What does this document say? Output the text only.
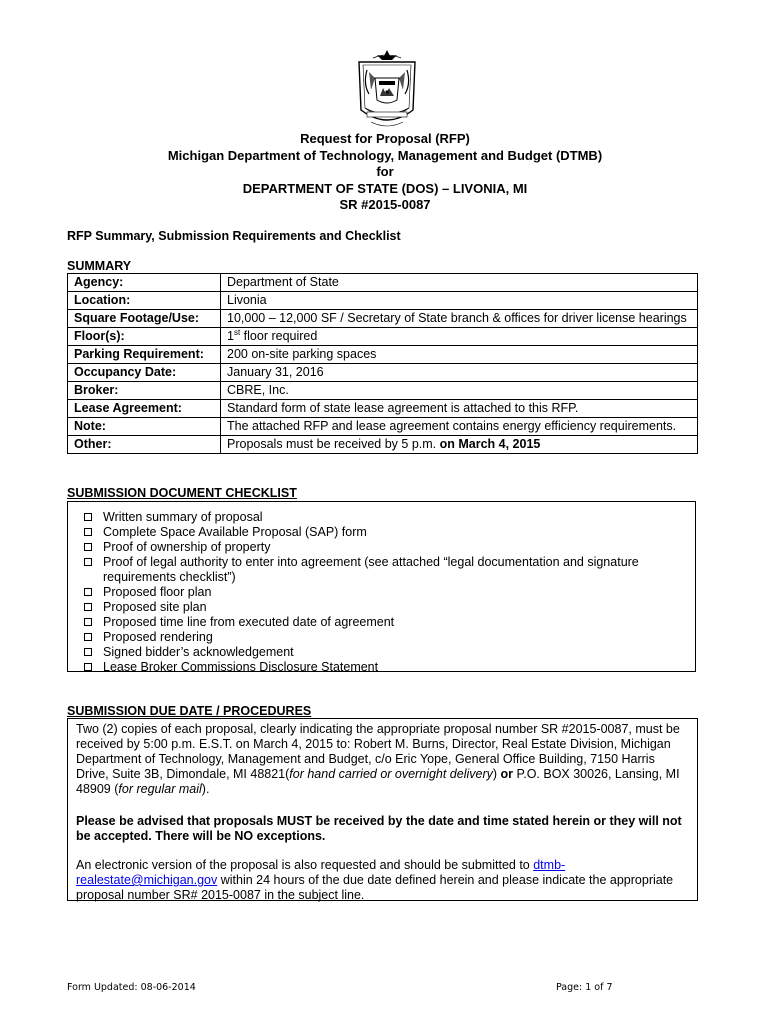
Request for Proposal (RFP)
Michigan Department of Technology, Management and Budget (DTMB)
for
DEPARTMENT OF STATE (DOS) – LIVONIA, MI
SR #2015-0087
RFP Summary, Submission Requirements and Checklist
SUMMARY
Agency:	Department of State
Location:	Livonia
Square Footage/Use:	10,000 – 12,000 SF / Secretary of State branch & offices for driver license hearings
Floor(s):	1st floor required
Parking Requirement:	200 on-site parking spaces
Occupancy Date:	January 31, 2016
Broker:	CBRE, Inc.
Lease Agreement:	Standard form of state lease agreement is attached to this RFP.
Note:	The attached RFP and lease agreement contains energy efficiency requirements.
Other:	Proposals must be received by 5 p.m. on March 4, 2015
SUBMISSION DOCUMENT CHECKLIST
Written summary of proposal
Complete Space Available Proposal (SAP) form
Proof of ownership of property
Proof of legal authority to enter into agreement (see attached “legal documentation and signature requirements checklist”)
Proposed floor plan
Proposed site plan
Proposed time line from executed date of agreement
Proposed rendering
Signed bidder’s acknowledgement
Lease Broker Commissions Disclosure Statement
SUBMISSION DUE DATE / PROCEDURES

Two (2) copies of each proposal, clearly indicating the appropriate proposal number SR #2015-0087, must be received by 5:00 p.m. E.S.T. on March 4, 2015 to: Robert M. Burns, Director, Real Estate Division, Michigan Department of Technology, Management and Budget, c/o Eric Yope, General Office Building, 7150 Harris Drive, Suite 3B, Dimondale, MI 48821(for hand carried or overnight delivery) or P.O. BOX 30026, Lansing, MI 48909 (for regular mail).

Please be advised that proposals MUST be received by the date and time stated herein or they will not be accepted. There will be NO exceptions.

An electronic version of the proposal is also requested and should be submitted to dtmb-realestate@michigan.gov within 24 hours of the due date defined herein and please indicate the appropriate proposal number SR# 2015-0087 in the subject line.

Form Updated: 08-06-2014	Page: 1 of 7
